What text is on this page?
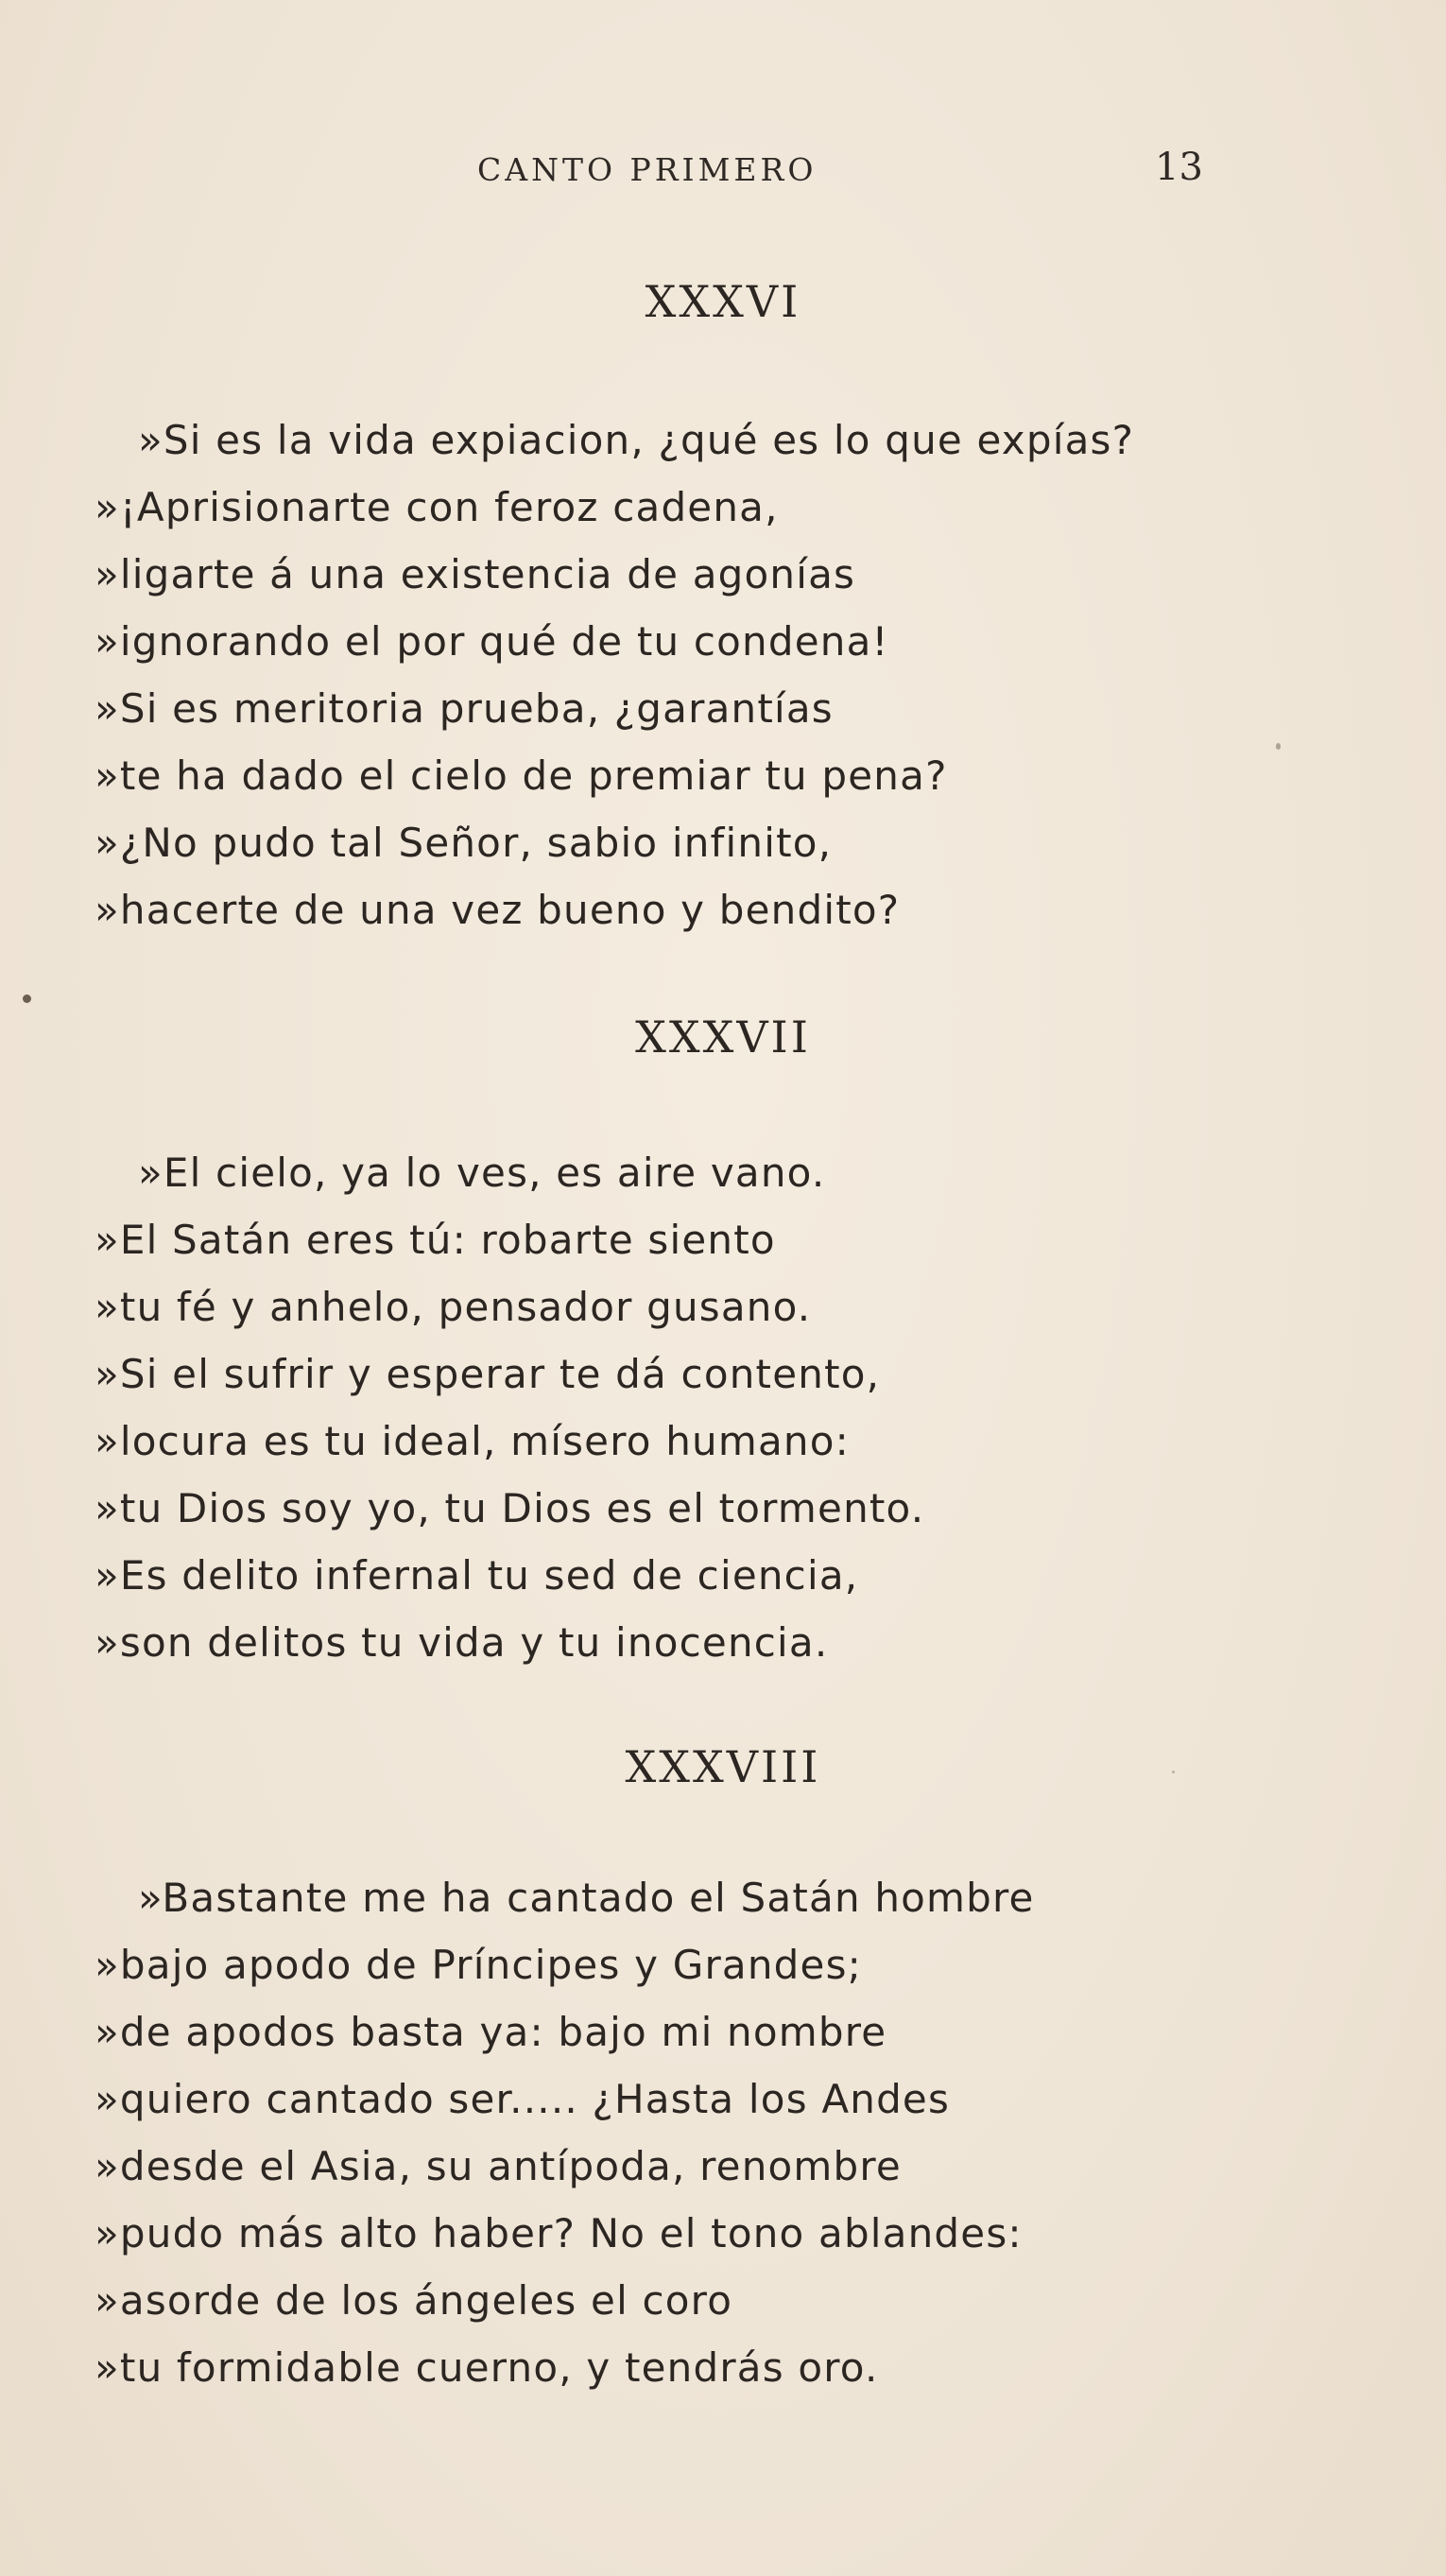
CANTO PRIMERO	13
XXXVI
»Si es la vida expiacion, ¿qué es lo que expías?
»¡Aprisionarte con feroz cadena,
»ligarte á una existencia de agonías
»ignorando el por qué de tu condena!
»Si es meritoria prueba, ¿garantías
»te ha dado el cielo de premiar tu pena?
»¿No pudo tal Señor, sabio infinito,
»hacerte de una vez bueno y bendito?
XXXVII
»El cielo, ya lo ves, es aire vano.
»El Satán eres tú: robarte siento
»tu fé y anhelo, pensador gusano.
»Si el sufrir y esperar te dá contento,
»locura es tu ideal, mísero humano:
»tu Dios soy yo, tu Dios es el tormento.
»Es delito infernal tu sed de ciencia,
»son delitos tu vida y tu inocencia.
XXXVIII
»Bastante me ha cantado el Satán hombre
»bajo apodo de Príncipes y Grandes;
»de apodos basta ya: bajo mi nombre
»quiero cantado ser..... ¿Hasta los Andes
»desde el Asia, su antípoda, renombre
»pudo más alto haber? No el tono ablandes:
»asorde de los ángeles el coro
»tu formidable cuerno, y tendrás oro.
